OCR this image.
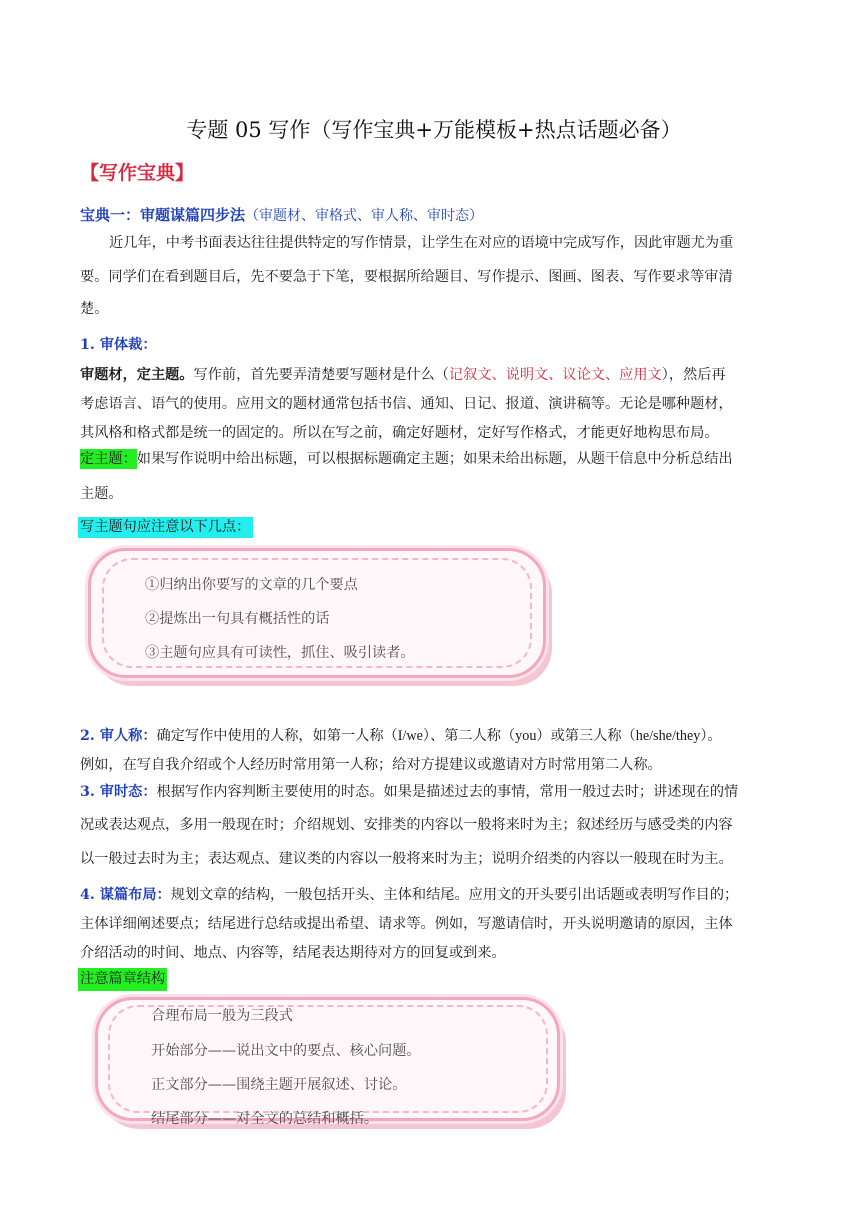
专题 05 写作（写作宝典+万能模板+热点话题必备）

【写作宝典】

宝典一：审题谋篇四步法（审题材、审格式、审人称、审时态）

近几年，中考书面表达往往提供特定的写作情景，让学生在对应的语境中完成写作，因此审题尤为重

要。同学们在看到题目后，先不要急于下笔，要根据所给题目、写作提示、图画、图表、写作要求等审清

楚。

1. 审体裁：

审题材，定主题。写作前，首先要弄清楚要写题材是什么（记叙文、说明文、议论文、应用文），然后再

考虑语言、语气的使用。应用文的题材通常包括书信、通知、日记、报道、演讲稿等。无论是哪种题材，

其风格和格式都是统一的固定的。所以在写之前，确定好题材，定好写作格式，才能更好地构思布局。

定主题：如果写作说明中给出标题，可以根据标题确定主题；如果未给出标题，从题干信息中分析总结出

主题。

写主题句应注意以下几点：

①归纳出你要写的文章的几个要点

②提炼出一句具有概括性的话

③主题句应具有可读性，抓住、吸引读者。

2. 审人称：确定写作中使用的人称，如第一人称（I/we）、第二人称（you）或第三人称（he/she/they）。

例如，在写自我介绍或个人经历时常用第一人称；给对方提建议或邀请对方时常用第二人称。

3. 审时态：根据写作内容判断主要使用的时态。如果是描述过去的事情，常用一般过去时；讲述现在的情

况或表达观点，多用一般现在时；介绍规划、安排类的内容以一般将来时为主；叙述经历与感受类的内容

以一般过去时为主；表达观点、建议类的内容以一般将来时为主；说明介绍类的内容以一般现在时为主。

4. 谋篇布局：规划文章的结构，一般包括开头、主体和结尾。应用文的开头要引出话题或表明写作目的；

主体详细阐述要点；结尾进行总结或提出希望、请求等。例如，写邀请信时，开头说明邀请的原因，主体

介绍活动的时间、地点、内容等，结尾表达期待对方的回复或到来。

注意篇章结构

合理布局一般为三段式

开始部分——说出文中的要点、核心问题。

正文部分——围绕主题开展叙述、讨论。

结尾部分——对全文的总结和概括。
